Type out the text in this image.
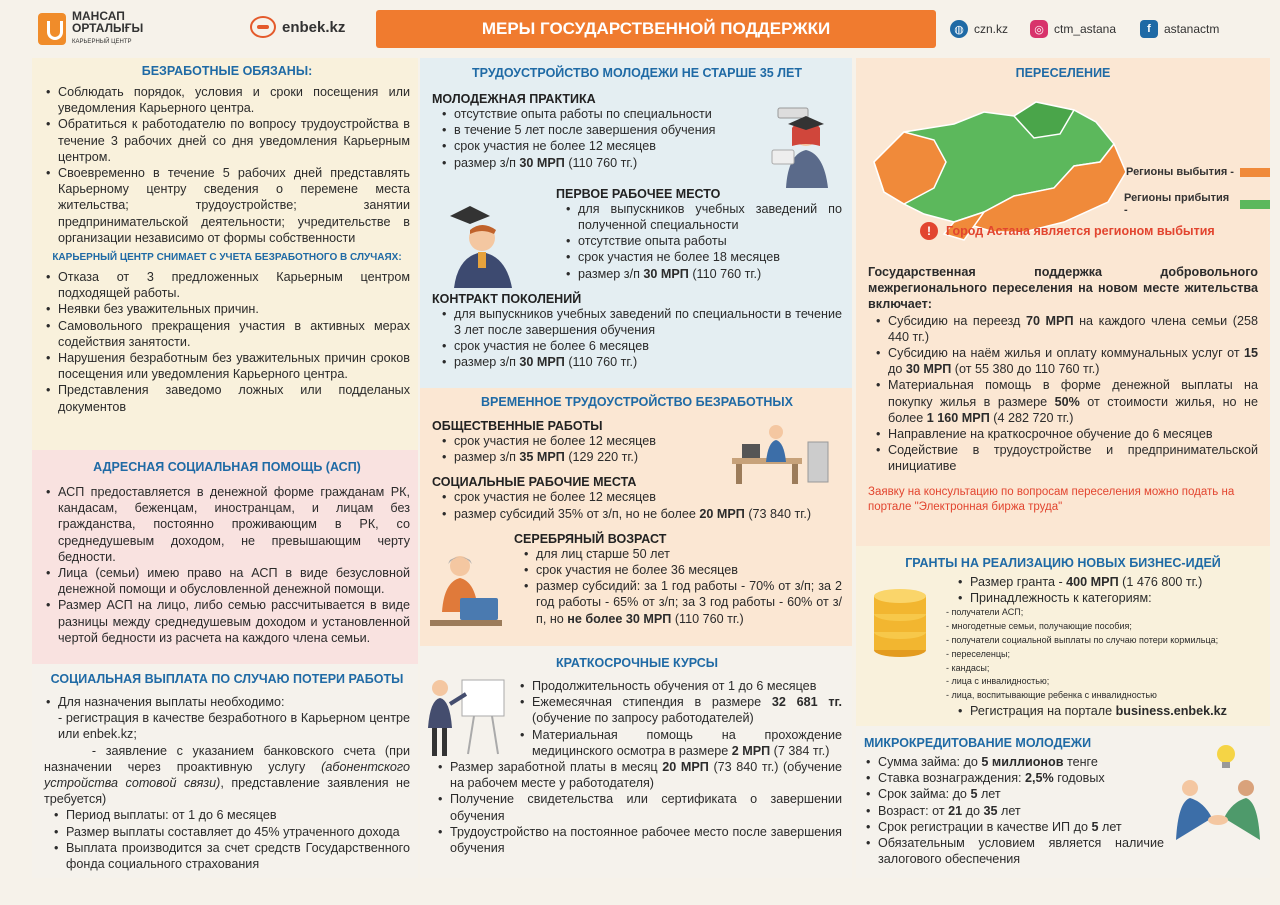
МАНСАП
ОРТАЛЫҒЫ
КАРЬЕРНЫЙ ЦЕНТР
enbek.kz	МЕРЫ ГОСУДАРСТВЕННОЙ ПОДДЕРЖКИ	◍ czn.kz	◎ ctm_astana	f	astanactm
БЕЗРАБОТНЫЕ ОБЯЗАНЫ:
• Соблюдать порядок, условия и сроки посещения или уведомления Карьерного центра.
• Обратиться к работодателю по вопросу трудоустройства в течение 3 рабочих дней со дня уведомления Карьерным центром.
• Своевременно в течение 5 рабочих дней представлять Карьерному центру сведения о перемене места жительства; трудоустройстве; занятии предпринимательской деятельности; учредительстве в организации независимо от формы собственности
КАРЬЕРНЫЙ ЦЕНТР СНИМАЕТ С УЧЕТА БЕЗРАБОТНОГО В СЛУЧАЯХ:
• Отказа от 3 предложенных Карьерным центром подходящей работы.
• Неявки без уважительных причин.
• Самовольного прекращения участия в активных мерах содействия занятости.
• Нарушения безработным без уважительных причин сроков посещения или уведомления Карьерного центра.
• Представления заведомо ложных или подделаных документов
АДРЕСНАЯ СОЦИАЛЬНАЯ ПОМОЩЬ (АСП)
• АСП предоставляется в денежной форме гражданам РК, кандасам, беженцам, иностранцам, и лицам без гражданства, постоянно проживающим в РК, со среднедушевым доходом, не превышающим черту бедности.
• Лица (семьи) имею право на АСП в виде безусловной денежной помощи и обусловленной денежной помощи.
• Размер АСП на лицо, либо семью рассчитывается в виде разницы между среднедушевым доходом и установленной чертой бедности из расчета на каждого члена семьи.
СОЦИАЛЬНАЯ ВЫПЛАТА ПО СЛУЧАЮ ПОТЕРИ РАБОТЫ
• Для назначения выплаты необходимо:

- регистрация в качестве безработного в Карьерном центре или enbek.kz;

- заявление с указанием банковского счета (при назначении через проактивную услугу (абонентского устройства сотовой связи), представление заявления не требуется)

• Период выплаты: от 1 до 6 месяцев
• Размер выплаты составляет до 45% утраченного дохода
• Выплата производится за счет средств Государственного фонда социального страхования
ТРУДОУСТРОЙСТВО МОЛОДЕЖИ НЕ СТАРШЕ 35 ЛЕТ
МОЛОДЕЖНАЯ ПРАКТИКА
• отсутствие опыта работы по специальности
• в течение 5 лет после завершения обучения
• срок участия не более 12 месяцев
• размер з/п 30 МРП (110 760 тг.)
ПЕРВОЕ РАБОЧЕЕ МЕСТО
• для выпускников учебных заведений по полученной специальности
• отсутствие опыта работы
• срок участия не более 18 месяцев
• размер з/п 30 МРП (110 760 тг.)
КОНТРАКТ ПОКОЛЕНИЙ
• для выпускников учебных заведений по специальности в течение 3 лет после завершения обучения
• срок участия не более 6 месяцев
• размер з/п 30 МРП (110 760 тг.)
ВРЕМЕННОЕ ТРУДОУСТРОЙСТВО БЕЗРАБОТНЫХ
ОБЩЕСТВЕННЫЕ РАБОТЫ
• срок участия не более 12 месяцев
• размер з/п 35 МРП (129 220 тг.)
СОЦИАЛЬНЫЕ РАБОЧИЕ МЕСТА
• срок участия не более 12 месяцев
• размер субсидий 35% от з/п, но не более 20 МРП (73 840 тг.)
СЕРЕБРЯНЫЙ ВОЗРАСТ
• для лиц старше 50 лет
• срок участия не более 36 месяцев
• размер субсидий: за 1 год работы - 70% от з/п; за 2 год работы - 65% от з/п; за 3 год работы - 60% от з/п, но не более 30 МРП (110 760 тг.)
КРАТКОСРОЧНЫЕ КУРСЫ
• Продолжительность обучения от 1 до 6 месяцев
• Ежемесячная стипендия в размере 32 681 тг. (обучение по запросу работодателей)
• Материальная помощь на прохождение медицинского осмотра в размере 2 МРП (7 384 тг.)
• Размер заработной платы в месяц 20 МРП (73 840 тг.) (обучение на рабочем месте у работодателя)
• Получение свидетельства или сертификата о завершении обучения
• Трудоустройство на постоянное рабочее место после завершения обучения
ПЕРЕСЕЛЕНИЕ
Регионы выбытия -
Регионы прибытия -
!	Город Астана является регионом выбытия

Государственная поддержка добровольного межрегионального переселения на новом месте жительства включает:

• Субсидию на переезд 70 МРП на каждого члена семьи (258 440 тг.)
• Субсидию на наём жилья и оплату коммунальных услуг от 15 до 30 МРП (от 55 380 до 110 760 тг.)
• Материальная помощь в форме денежной выплаты на покупку жилья в размере 50% от стоимости жилья, но не более 1 160 МРП (4 282 720 тг.)
• Направление на краткосрочное обучение до 6 месяцев
• Содействие в трудоустройстве и предпринимательской инициативе

Заявку на консультацию по вопросам переселения можно подать на портале "Электронная биржа труда"

ГРАНТЫ НА РЕАЛИЗАЦИЮ НОВЫХ БИЗНЕС-ИДЕЙ
• Размер гранта - 400 МРП (1 476 800 тг.)
• Принадлежность к категориям:
- получатели АСП;
- многодетные семьи, получающие пособия;
- получатели социальной выплаты по случаю потери кормильца;
- переселенцы;
- кандасы;
- лица с инвалидностью;
- лица, воспитывающие ребенка с инвалидностью
• Регистрация на портале business.enbek.kz
МИКРОКРЕДИТОВАНИЕ МОЛОДЕЖИ
• Сумма займа: до 5 миллионов тенге
• Ставка вознаграждения: 2,5% годовых
• Срок займа: до 5 лет
• Возраст: от 21 до 35 лет
• Срок регистрации в качестве ИП до 5 лет
• Обязательным условием является наличие залогового обеспечения
